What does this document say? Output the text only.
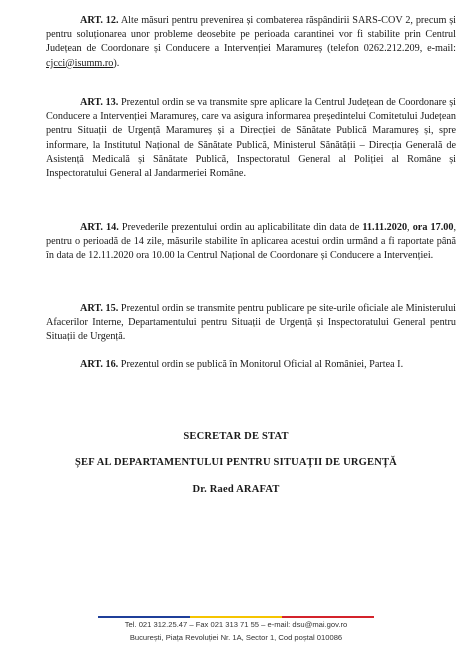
ART. 12. Alte măsuri pentru prevenirea și combaterea răspândirii SARS-COV 2, precum și pentru soluționarea unor probleme deosebite pe perioada carantinei vor fi stabilite prin Centrul Județean de Coordonare și Conducere a Intervenției Maramureș (telefon 0262.212.209, e-mail: cjcci@isumm.ro).

ART. 13. Prezentul ordin se va transmite spre aplicare la Centrul Județean de Coordonare și Conducere a Intervenției Maramureș, care va asigura informarea președintelui Comitetului Județean pentru Situații de Urgență Maramureș și a Direcției de Sănătate Publică Maramureș și, spre informare, la Institutul Național de Sănătate Publică, Ministerul Sănătății – Direcția Generală de Asistență Medicală și Sănătate Publică, Inspectoratul General al Poliției al Române și Inspectoratului General al Jandarmeriei Române.

ART. 14. Prevederile prezentului ordin au aplicabilitate din data de 11.11.2020, ora 17.00, pentru o perioadă de 14 zile, măsurile stabilite în aplicarea acestui ordin urmând a fi raportate până în data de 12.11.2020 ora 10.00 la Centrul Național de Coordonare și Conducere a Intervenției.

ART. 15. Prezentul ordin se transmite pentru publicare pe site-urile oficiale ale Ministerului Afacerilor Interne, Departamentului pentru Situații de Urgență și Inspectoratului General pentru Situații de Urgență.

ART. 16. Prezentul ordin se publică în Monitorul Oficial al României, Partea I.

SECRETAR DE STAT
ȘEF AL DEPARTAMENTULUI PENTRU SITUAȚII DE URGENȚĂ
Dr. Raed ARAFAT
Tel. 021 312.25.47 – Fax 021 313 71 55 – e-mail: dsu@mai.gov.ro
București, Piața Revoluției Nr. 1A, Sector 1, Cod poștal 010086
